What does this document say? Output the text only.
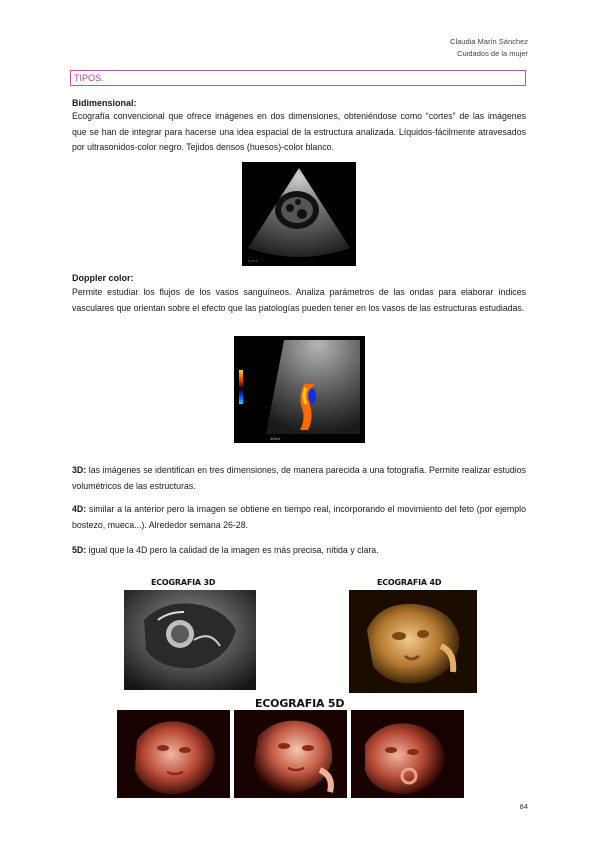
Claudia Marín Sánchez
Cuidados de la mujer
TIPOS.
Bidimensional:
Ecografía convencional que ofrece imágenes en dos dimensiones, obteniéndose como “cortes” de las imágenes que se han de integrar para hacerse una idea espacial de la estructura analizada. Líquidos-fácilmente atravesados por ultrasonidos-color negro. Tejidos densos (huesos)-color blanco.
• • • •
Doppler color:
Permite estudiar los flujos de los vasos sanguíneos. Analiza parámetros de las ondas para elaborar índices vasculares que orientan sobre el efecto que las patologías pueden tener en los vasos de las estructuras estudiadas.
4MHz
3D: las imágenes se identifican en tres dimensiones, de manera parecida a una fotografía. Permite realizar estudios volumétricos de las estructuras.
4D: similar a la anterior pero la imagen se obtiene en tiempo real, incorporando el movimiento del feto (por ejemplo bostezo, mueca...). Alrededor semana 26-28.
5D: igual que la 4D pero la calidad de la imagen es más precisa, nítida y clara.
ECOGRAFIA 3D	ECOGRAFIA 4D
ECOGRAFIA 5D
84
